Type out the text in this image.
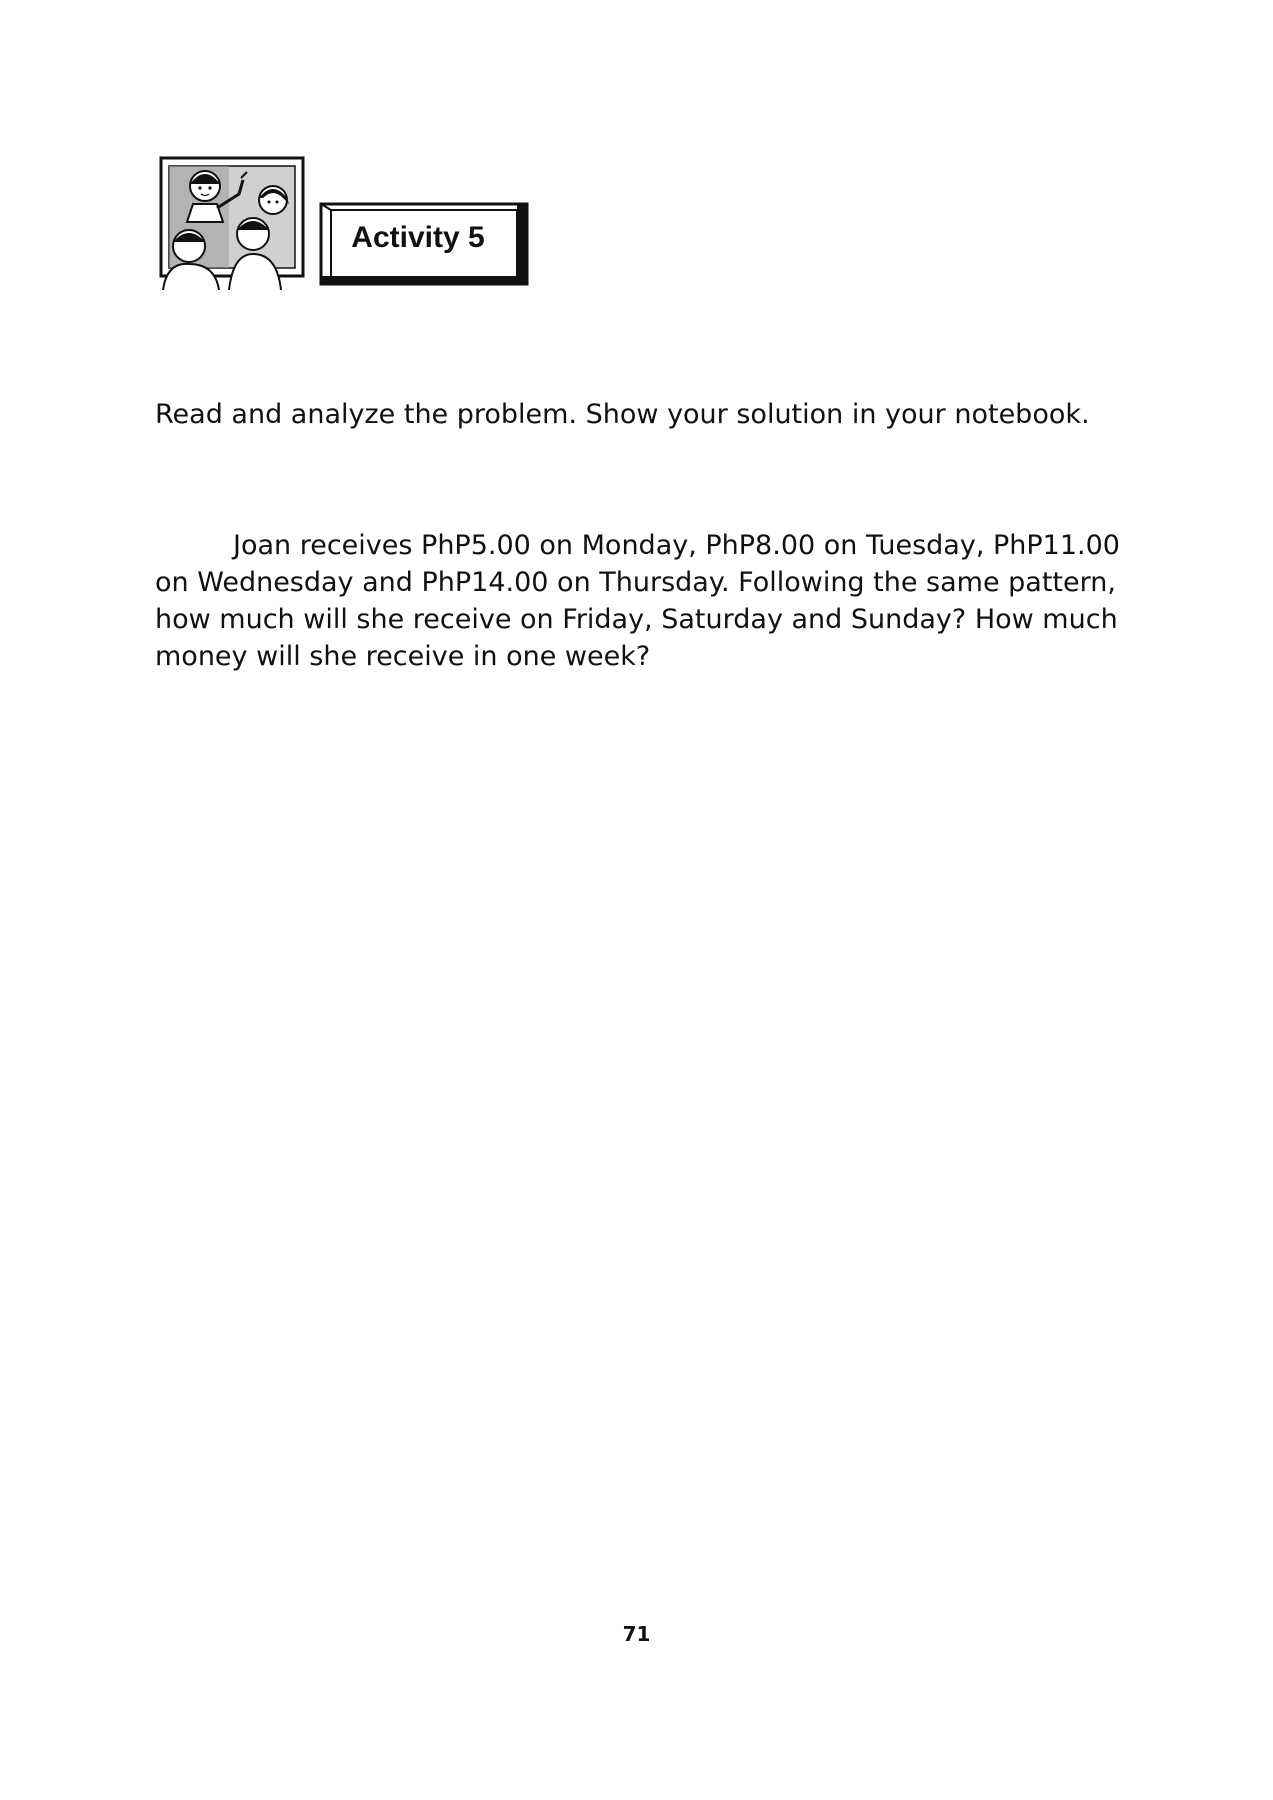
Activity 5

Read and analyze the problem. Show your solution in your notebook.

Joan receives PhP5.00 on Monday, PhP8.00 on Tuesday, PhP11.00 on Wednesday and PhP14.00 on Thursday. Following the same pattern, how much will she receive on Friday, Saturday and Sunday? How much money will she receive in one week?

71
